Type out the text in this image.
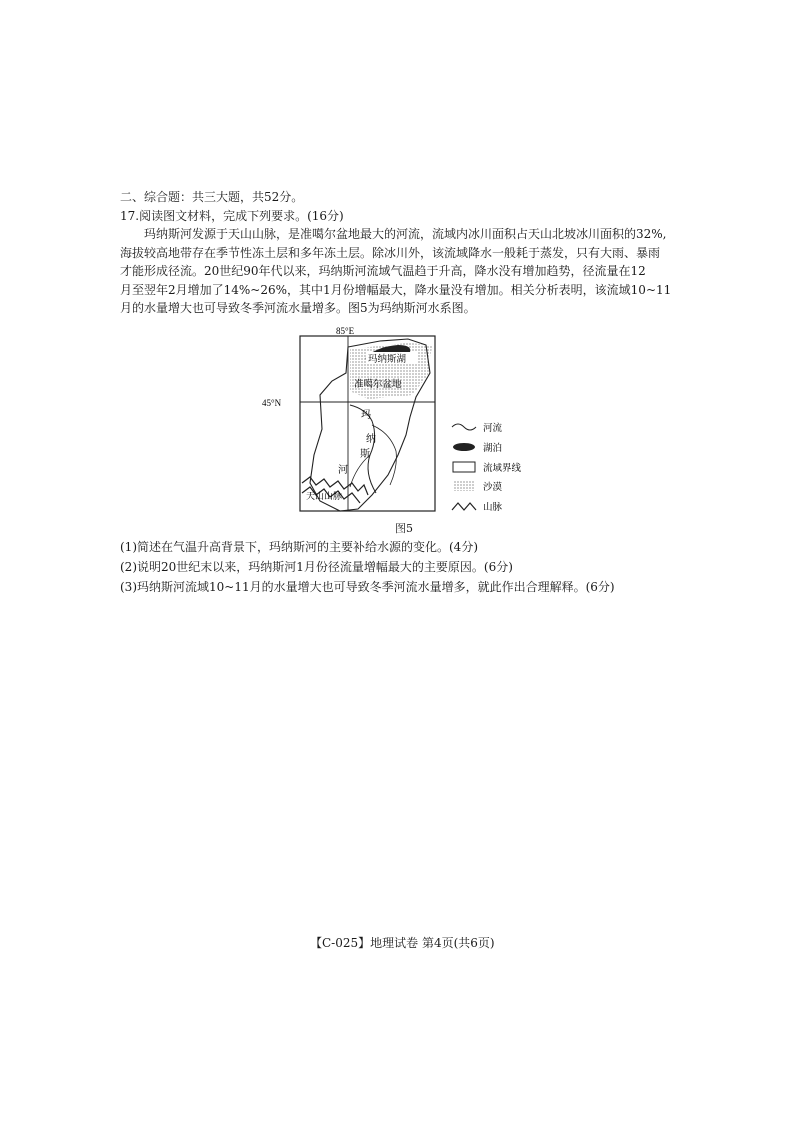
二、综合题：共三大题，共52分。
17.阅读图文材料，完成下列要求。(16分)
玛纳斯河发源于天山山脉，是准噶尔盆地最大的河流，流域内冰川面积占天山北坡冰川面积的32%,
海拔较高地带存在季节性冻土层和多年冻土层。除冰川外，该流域降水一般耗于蒸发，只有大雨、暴雨
才能形成径流。20世纪90年代以来，玛纳斯河流域气温趋于升高，降水没有增加趋势，径流量在12
月至翌年2月增加了14%~26%，其中1月份增幅最大，降水量没有增加。相关分析表明，该流域10~11
月的水量增大也可导致冬季河流水量增多。图5为玛纳斯河水系图。
85°E
45°N
玛纳斯湖
准噶尔盆地
玛
纳
斯
河
天山山脉
河流
湖泊
流域界线
沙漠
山脉
图5
(1)简述在气温升高背景下，玛纳斯河的主要补给水源的变化。(4分)
(2)说明20世纪末以来，玛纳斯河1月份径流量增幅最大的主要原因。(6分)
(3)玛纳斯河流域10~11月的水量增大也可导致冬季河流水量增多，就此作出合理解释。(6分)
【C-025】地理试卷 第4页(共6页)
